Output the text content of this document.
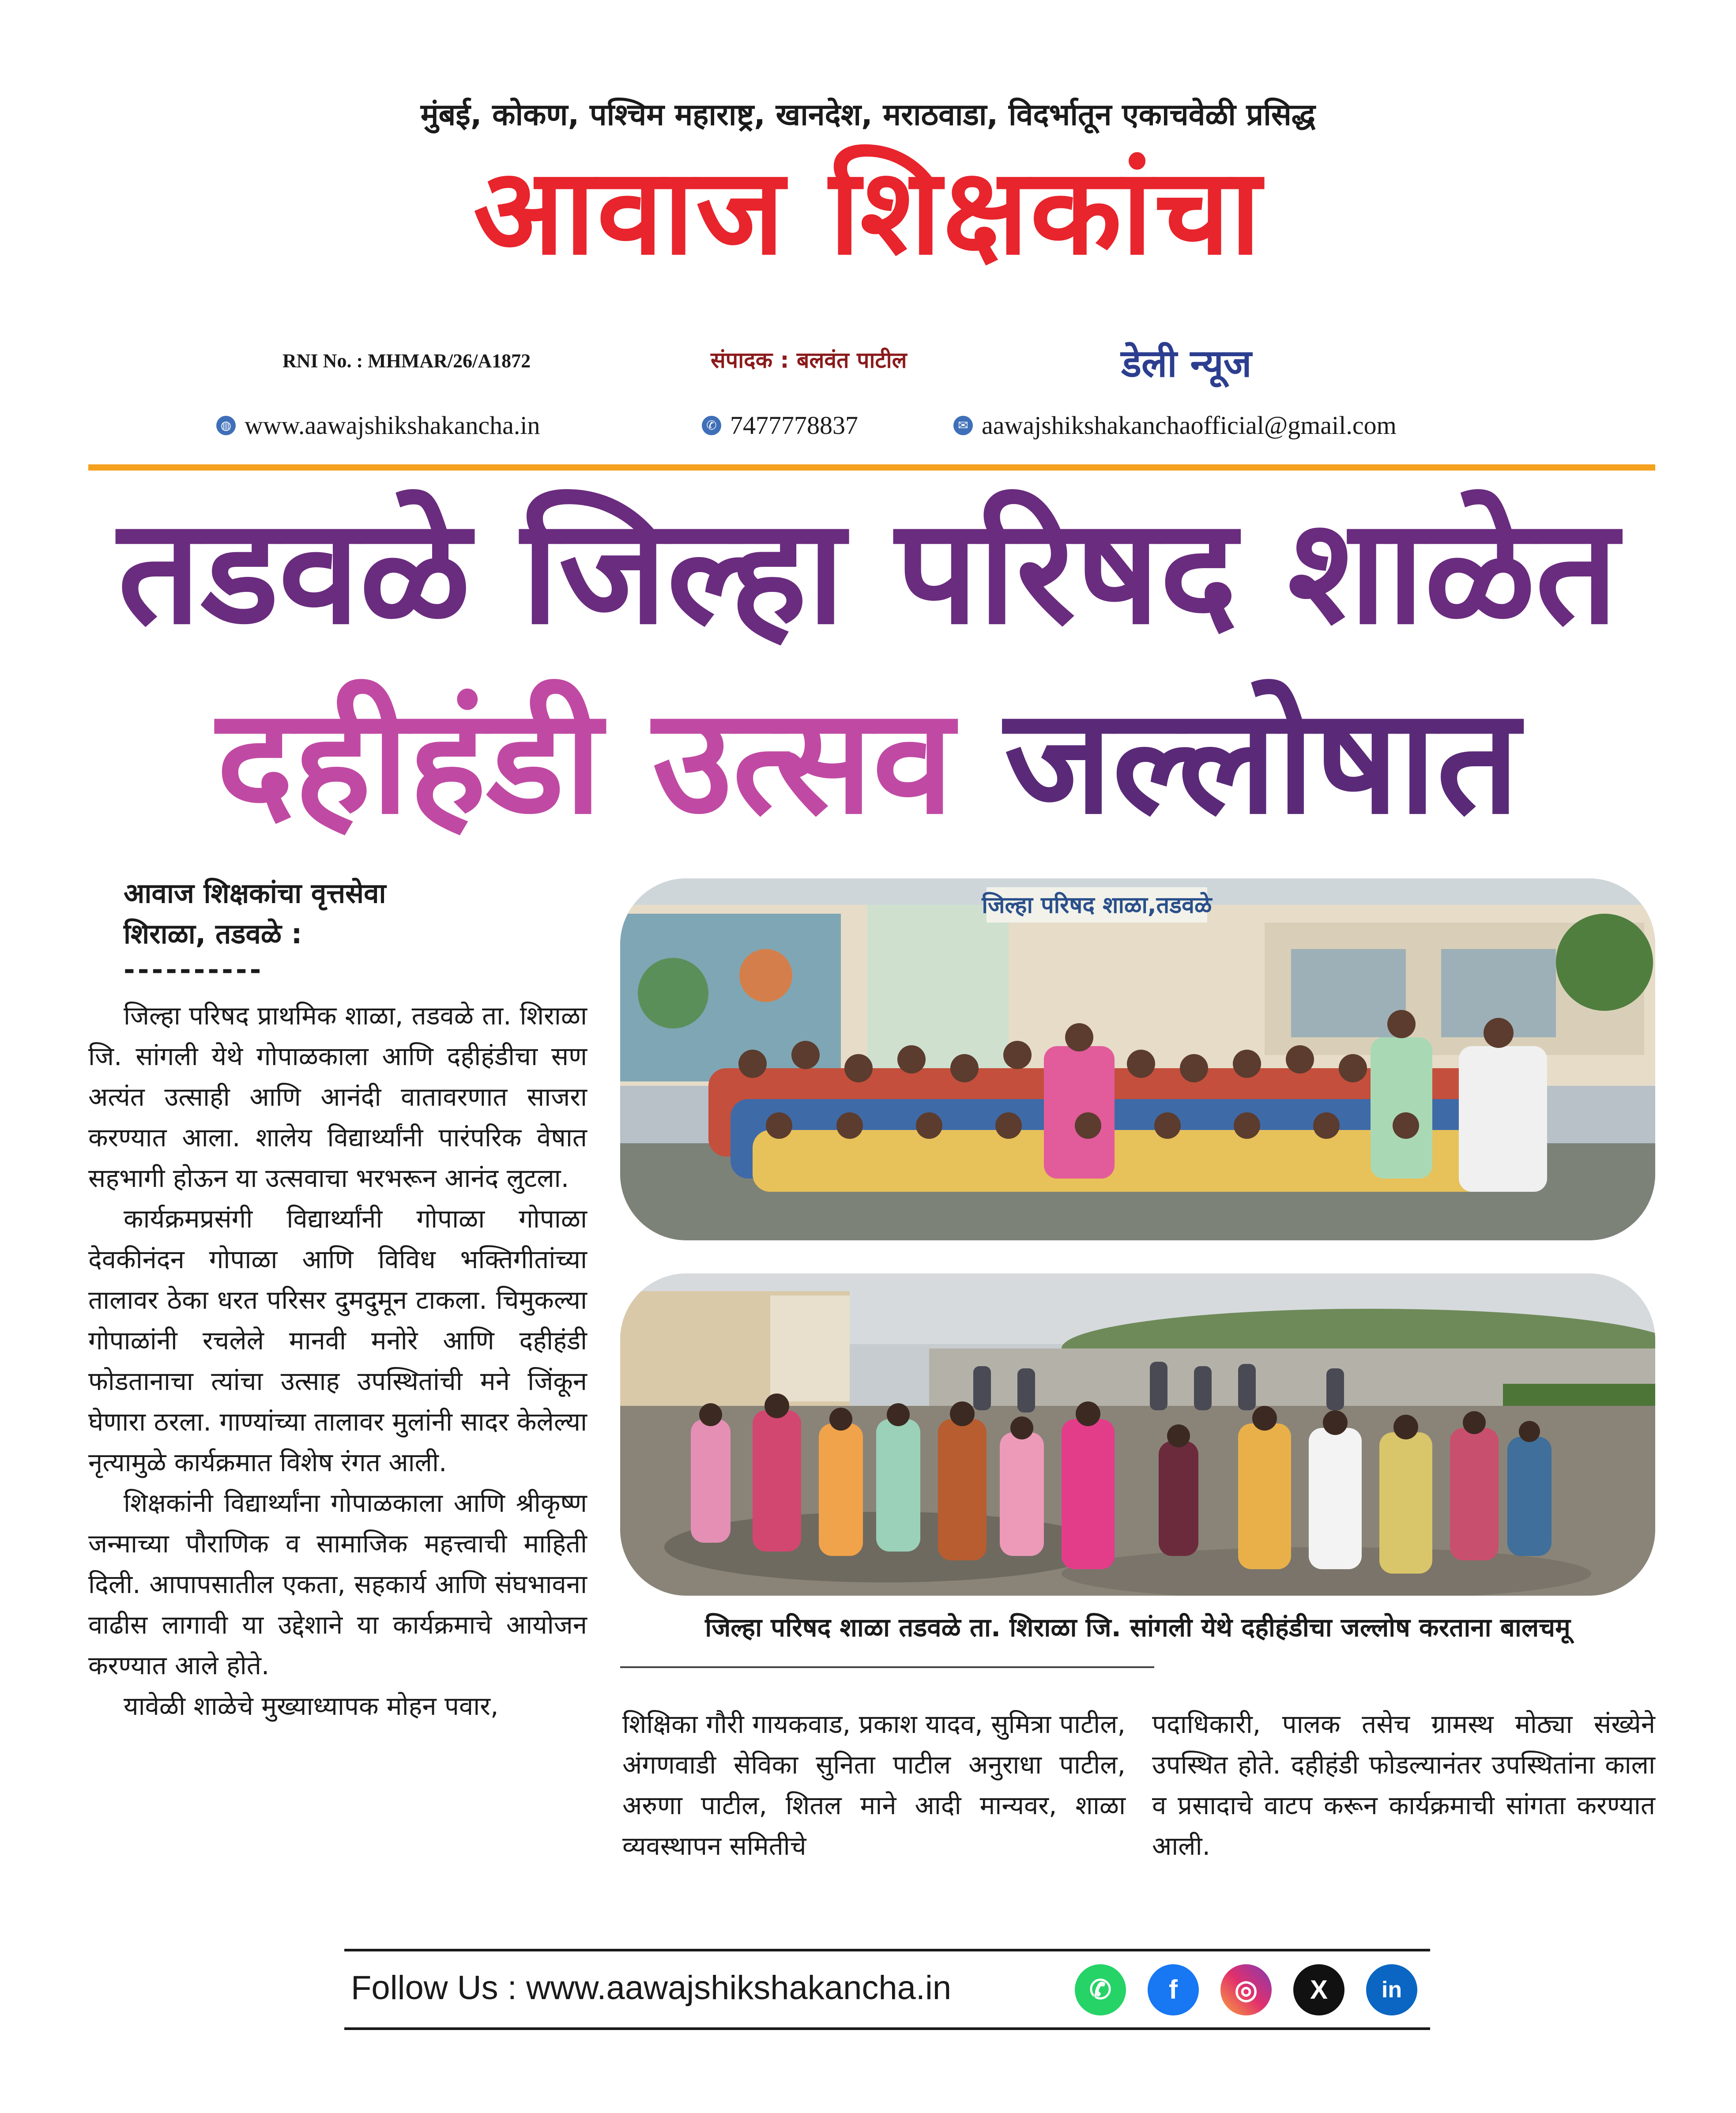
मुंबई, कोकण, पश्चिम महाराष्ट्र, खानदेश, मराठवाडा, विदर्भातून एकाचवेळी प्रसिद्ध
आवाज शिक्षकांचा
RNI No. : MHMAR/26/A1872	संपादक : बलवंत पाटील	डेली न्यूज
◍ www.aawajshikshakancha.in	✆ 7477778837	✉ aawajshikshakanchaofficial@gmail.com
तडवळे जिल्हा परिषद शाळेत
दहीहंडी उत्सव जल्लोषात
आवाज शिक्षकांचा वृत्तसेवा
शिराळा, तडवळे :
----------

जिल्हा परिषद प्राथमिक शाळा, तडवळे ता. शिराळा जि. सांगली येथे गोपाळकाला आणि दहीहंडीचा सण अत्यंत उत्साही आणि आनंदी वातावरणात साजरा करण्यात आला. शालेय विद्यार्थ्यांनी पारंपरिक वेषात सहभागी होऊन या उत्सवाचा भरभरून आनंद लुटला.

कार्यक्रमप्रसंगी विद्यार्थ्यांनी गोपाळा गोपाळा देवकीनंदन गोपाळा आणि विविध भक्तिगीतांच्या तालावर ठेका धरत परिसर दुमदुमून टाकला. चिमुकल्या गोपाळांनी रचलेले मानवी मनोरे आणि दहीहंडी फोडतानाचा त्यांचा उत्साह उपस्थितांची मने जिंकून घेणारा ठरला. गाण्यांच्या तालावर मुलांनी सादर केलेल्या नृत्यामुळे कार्यक्रमात विशेष रंगत आली.

शिक्षकांनी विद्यार्थ्यांना गोपाळकाला आणि श्रीकृष्ण जन्माच्या पौराणिक व सामाजिक महत्त्वाची माहिती दिली. आपापसातील एकता, सहकार्य आणि संघभावना वाढीस लागावी या उद्देशाने या कार्यक्रमाचे आयोजन करण्यात आले होते.

यावेळी शाळेचे मुख्याध्यापक मोहन पवार,

जिल्हा परिषद शाळा,तडवळे
जिल्हा परिषद शाळा तडवळे ता. शिराळा जि. सांगली येथे दहीहंडीचा जल्लोष करताना बालचमू

शिक्षिका गौरी गायकवाड, प्रकाश यादव, सुमित्रा पाटील, अंगणवाडी सेविका सुनिता पाटील अनुराधा पाटील, अरुणा पाटील, शितल माने आदी मान्यवर, शाळा व्यवस्थापन समितीचे

पदाधिकारी, पालक तसेच ग्रामस्थ मोठ्या संख्येने उपस्थित होते. दहीहंडी फोडल्यानंतर उपस्थितांना काला व प्रसादाचे वाटप करून कार्यक्रमाची सांगता करण्यात आली.

Follow Us : www.aawajshikshakancha.in	✆	f	◎	X	in
